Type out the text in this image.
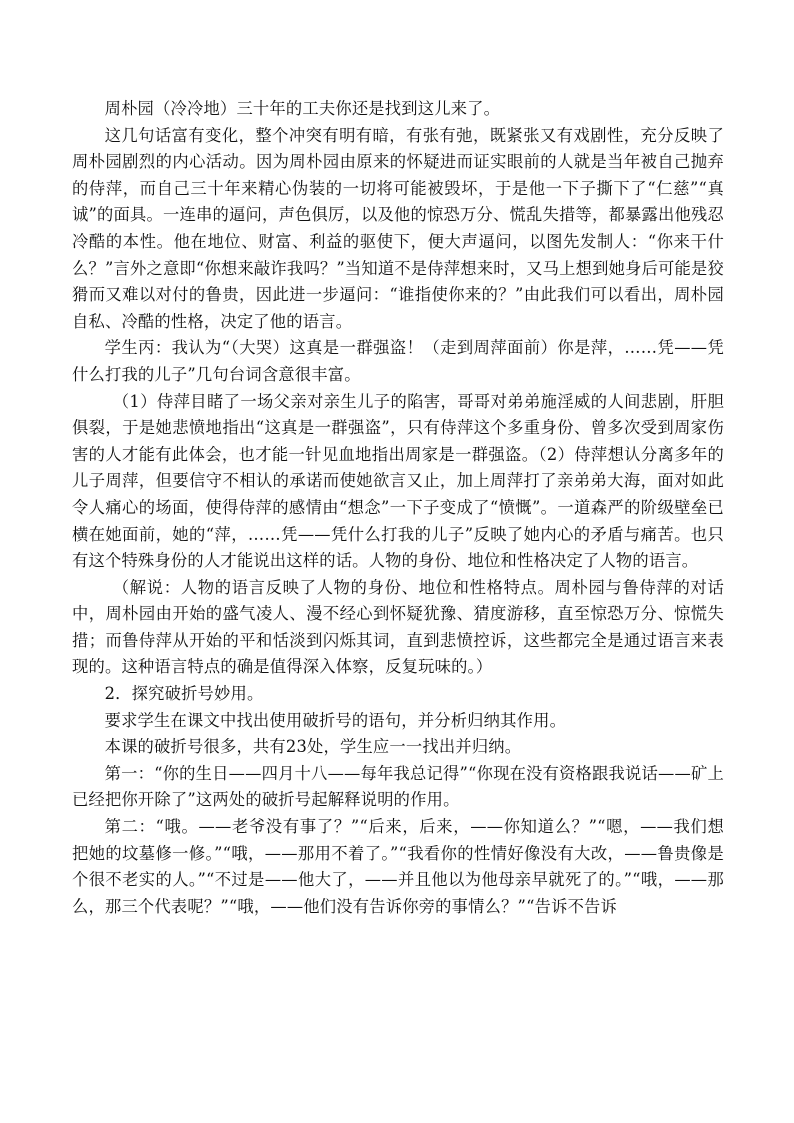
周朴园（冷冷地）三十年的工夫你还是找到这儿来了。

这几句话富有变化，整个冲突有明有暗，有张有弛，既紧张又有戏剧性，充分反映了周朴园剧烈的内心活动。因为周朴园由原来的怀疑进而证实眼前的人就是当年被自己抛弃的侍萍，而自己三十年来精心伪装的一切将可能被毁坏，于是他一下子撕下了“仁慈”“真诚”的面具。一连串的逼问，声色俱厉，以及他的惊恐万分、慌乱失措等，都暴露出他残忍冷酷的本性。他在地位、财富、利益的驱使下，便大声逼问，以图先发制人：“你来干什么？”言外之意即“你想来敲诈我吗？”当知道不是侍萍想来时，又马上想到她身后可能是狡猾而又难以对付的鲁贵，因此进一步逼问：“谁指使你来的？”由此我们可以看出，周朴园自私、冷酷的性格，决定了他的语言。

学生丙：我认为“（大哭）这真是一群强盗！（走到周萍面前）你是萍，……凭——凭什么打我的儿子”几句台词含意很丰富。

（1）侍萍目睹了一场父亲对亲生儿子的陷害，哥哥对弟弟施淫威的人间悲剧，肝胆俱裂，于是她悲愤地指出“这真是一群强盗”，只有侍萍这个多重身份、曾多次受到周家伤害的人才能有此体会，也才能一针见血地指出周家是一群强盗。（2）侍萍想认分离多年的儿子周萍，但要信守不相认的承诺而使她欲言又止，加上周萍打了亲弟弟大海，面对如此令人痛心的场面，使得侍萍的感情由“想念”一下子变成了“愤慨”。一道森严的阶级壁垒已横在她面前，她的“萍，……凭——凭什么打我的儿子”反映了她内心的矛盾与痛苦。也只有这个特殊身份的人才能说出这样的话。人物的身份、地位和性格决定了人物的语言。

（解说：人物的语言反映了人物的身份、地位和性格特点。周朴园与鲁侍萍的对话中，周朴园由开始的盛气凌人、漫不经心到怀疑犹豫、猜度游移，直至惊恐万分、惊慌失措；而鲁侍萍从开始的平和恬淡到闪烁其词，直到悲愤控诉，这些都完全是通过语言来表现的。这种语言特点的确是值得深入体察，反复玩味的。）

2．探究破折号妙用。

要求学生在课文中找出使用破折号的语句，并分析归纳其作用。

本课的破折号很多，共有23处，学生应一一找出并归纳。

第一：“你的生日——四月十八——每年我总记得”“你现在没有资格跟我说话——矿上已经把你开除了”这两处的破折号起解释说明的作用。

第二：“哦。——老爷没有事了？”“后来，后来，——你知道么？”“嗯，——我们想把她的坟墓修一修。”“哦，——那用不着了。”“我看你的性情好像没有大改，——鲁贵像是个很不老实的人。”“不过是——他大了，——并且他以为他母亲早就死了的。”“哦，——那么，那三个代表呢？”“哦，——他们没有告诉你旁的事情么？”“告诉不告诉
